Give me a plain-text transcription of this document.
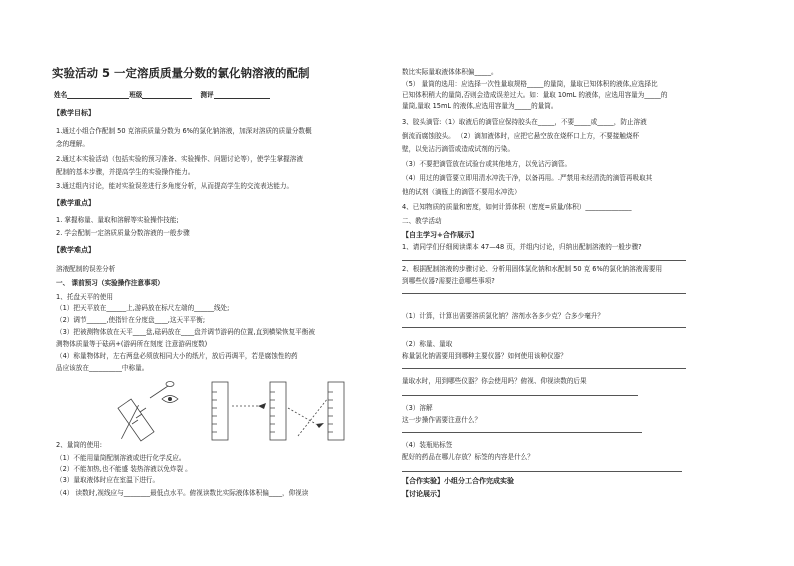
实验活动 5 一定溶质质量分数的氯化钠溶液的配制
姓名	班级	测评
【教学目标】
1.通过小组合作配制 50 克溶质质量分数为 6%的氯化钠溶液，加深对溶质的质量分数概
念的理解。
2.通过本实验活动（包括实验的预习准备、实验操作、问题讨论等），使学生掌握溶液
配制的基本步骤，并提高学生的实验操作能力。
3.通过组内讨论，能对实验误差进行多角度分析，从而提高学生的交流表达能力。
【教学重点】
1. 掌握称量、量取和溶解等实验操作技能;
2. 学会配制一定溶质质量分数溶液的一般步骤
【教学难点】
溶液配制的误差分析
一、 课前预习（实验操作注意事项）
1、托盘天平的使用
（1）把天平放在______上,游码放在标尺左端的______线处;
（2）调节______,使指针在分度盘____,这天平平衡;
（3）把被测物体放在天平____盘,砝码放在____盘并调节游码的位置,直到横梁恢复平衡被
测物体质量等于砝码+(游码所在刻度 注意游码度数)
（4）称量物体时，左右两盘必须放相同大小的纸片，放后再调平，若是腐蚀性的药
品应该放在__________中称量。
2、量筒的使用:
（1）不能用量筒配制溶液或进行化学反应。
（2）不能加热,也不能盛 装热溶液以免炸裂 。
（3）量取液体时应在室温下进行。
（4） 读数时,视线应与________最低点水平。俯视读数比实际液体体积偏____，仰视读
数比实际量取液体体积偏_____。
（5） 量筒的选用：应选择一次性量取规格_____的量筒，量取已知体积的液体,应选择比
已知体积稍大的量筒,否则会造成误差过大。如：量取 10mL 的液体，应选用容量为_____的
量筒,量取 15mL 的液体,应选用容量为_____的量筒。
3、胶头滴管:（1）取液后的滴管应保持胶头在_____，不要_____或_____，防止溶液
倒流而腐蚀胶头。 （2）滴加液体时，应把它悬空放在烧杯口上方，不要接触烧杯
壁，以免沾污滴管或造成试剂的污染。
（3）不要把滴管放在试验台或其他地方，以免沾污滴管。
（4）用过的滴管要立即用清水冲洗干净，以备再用。.严禁用未经清洗的滴管再吸取其
他的试剂（滴瓶上的滴管不要用水冲洗）
4、已知物质的质量和密度，如何计算体积（密度=质量/体积）______________
二、教学活动
【自主学习+合作展示】
1、请同学们仔细阅读课本 47—48 页，并组内讨论，归纳出配制溶液的一般步骤?
2、根据配制溶液的步骤讨论、分析用固体氯化钠和水配制 50 克 6%的氯化钠溶液需要用
到哪些仪器?需要注意哪些事项?
（1）计算，计算出需要溶质氯化钠？溶剂水各多少克？合多少毫升？
（2）称量、量取
称量氯化钠需要用到哪种主要仪器？如何使用该种仪器？
量取水时，用到哪些仪器？你会使用吗？俯视、仰视读数的后果
（3）溶解
这一步操作需要注意什么？
（4）装瓶贴标签
配好的药品在哪儿存放？标签的内容是什么？
【合作实验】小组分工合作完成实验
【讨论展示】
